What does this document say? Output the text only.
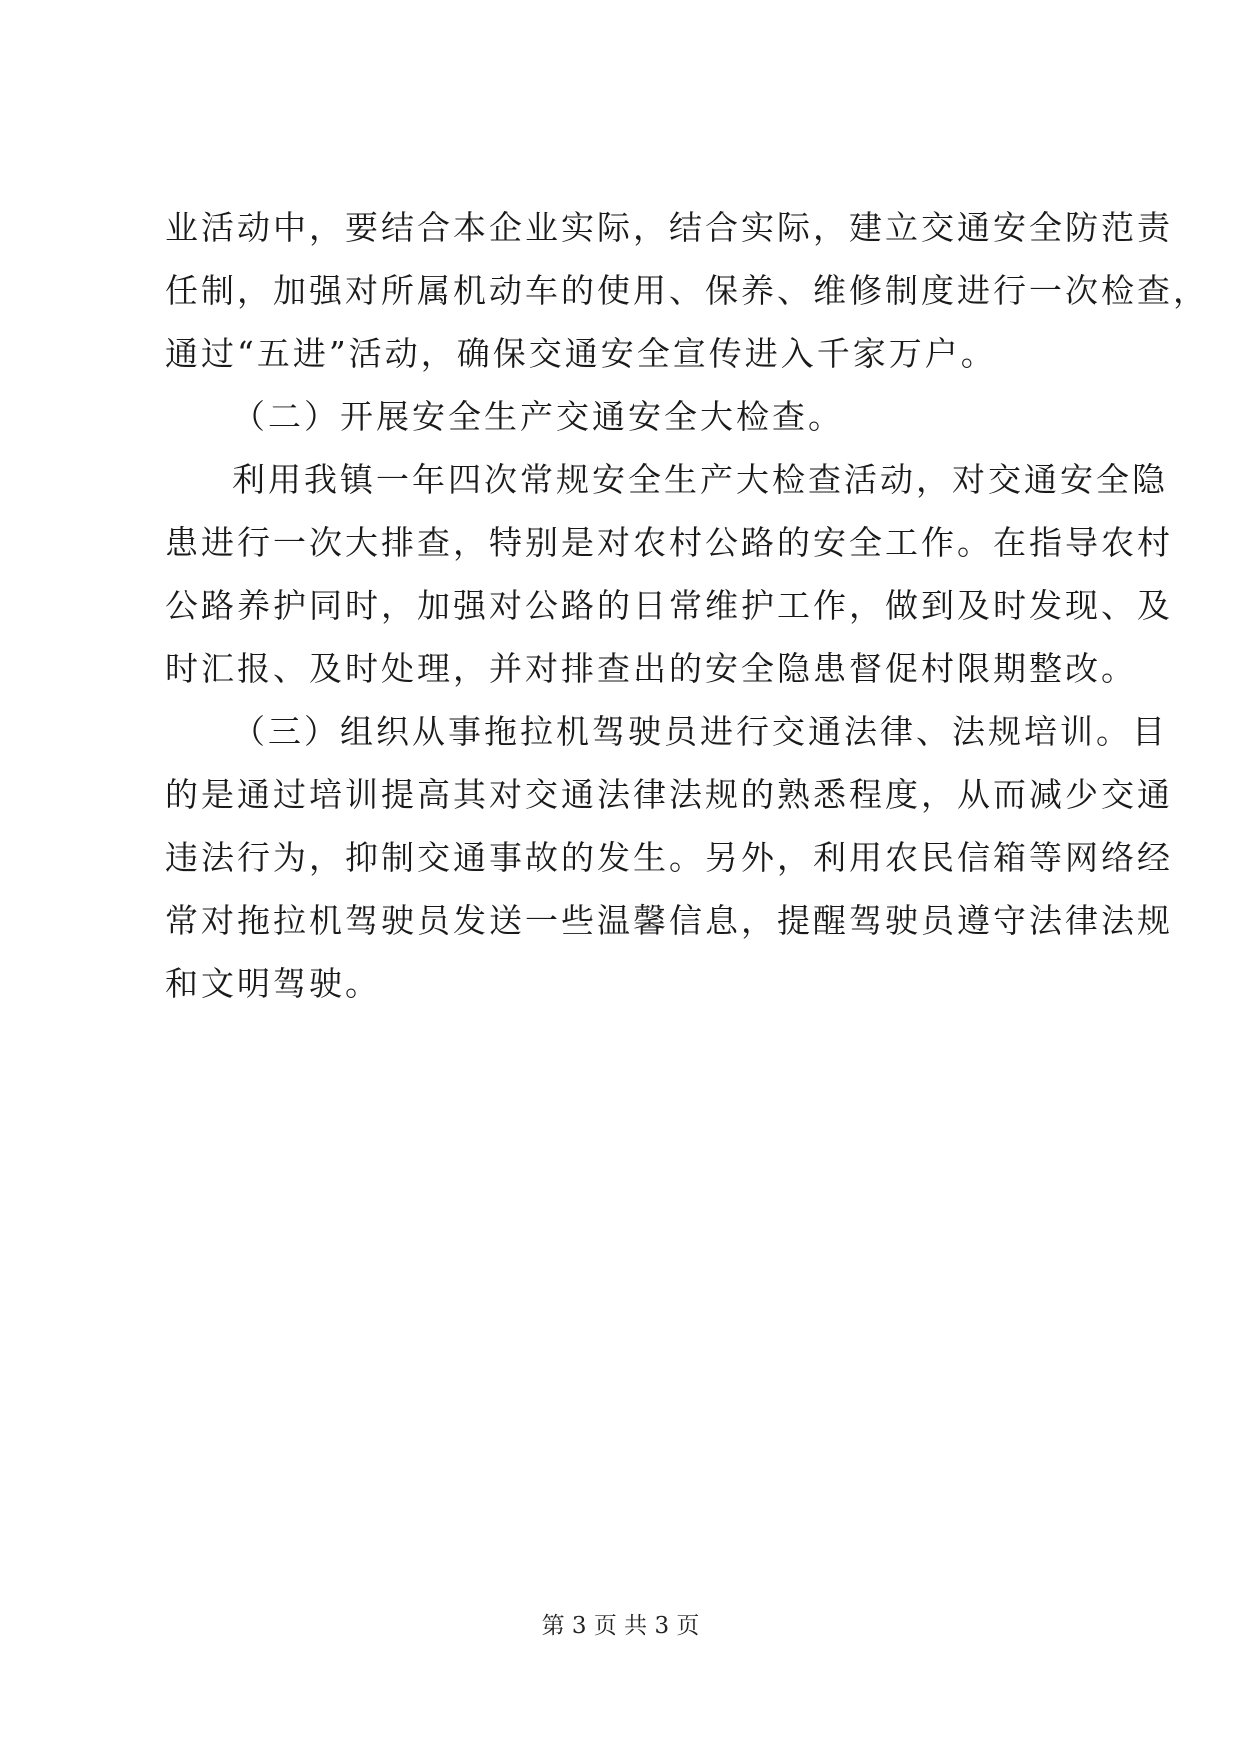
业活动中，要结合本企业实际，结合实际，建立交通安全防范责
任制，加强对所属机动车的使用、保养、维修制度进行一次检查，
通过“五进”活动，确保交通安全宣传进入千家万户。
（二）开展安全生产交通安全大检查。
利用我镇一年四次常规安全生产大检查活动，对交通安全隐
患进行一次大排查，特别是对农村公路的安全工作。在指导农村
公路养护同时，加强对公路的日常维护工作，做到及时发现、及
时汇报、及时处理，并对排查出的安全隐患督促村限期整改。
（三）组织从事拖拉机驾驶员进行交通法律、法规培训。目
的是通过培训提高其对交通法律法规的熟悉程度，从而减少交通
违法行为，抑制交通事故的发生。另外，利用农民信箱等网络经
常对拖拉机驾驶员发送一些温馨信息，提醒驾驶员遵守法律法规
和文明驾驶。
第 3 页 共 3 页
